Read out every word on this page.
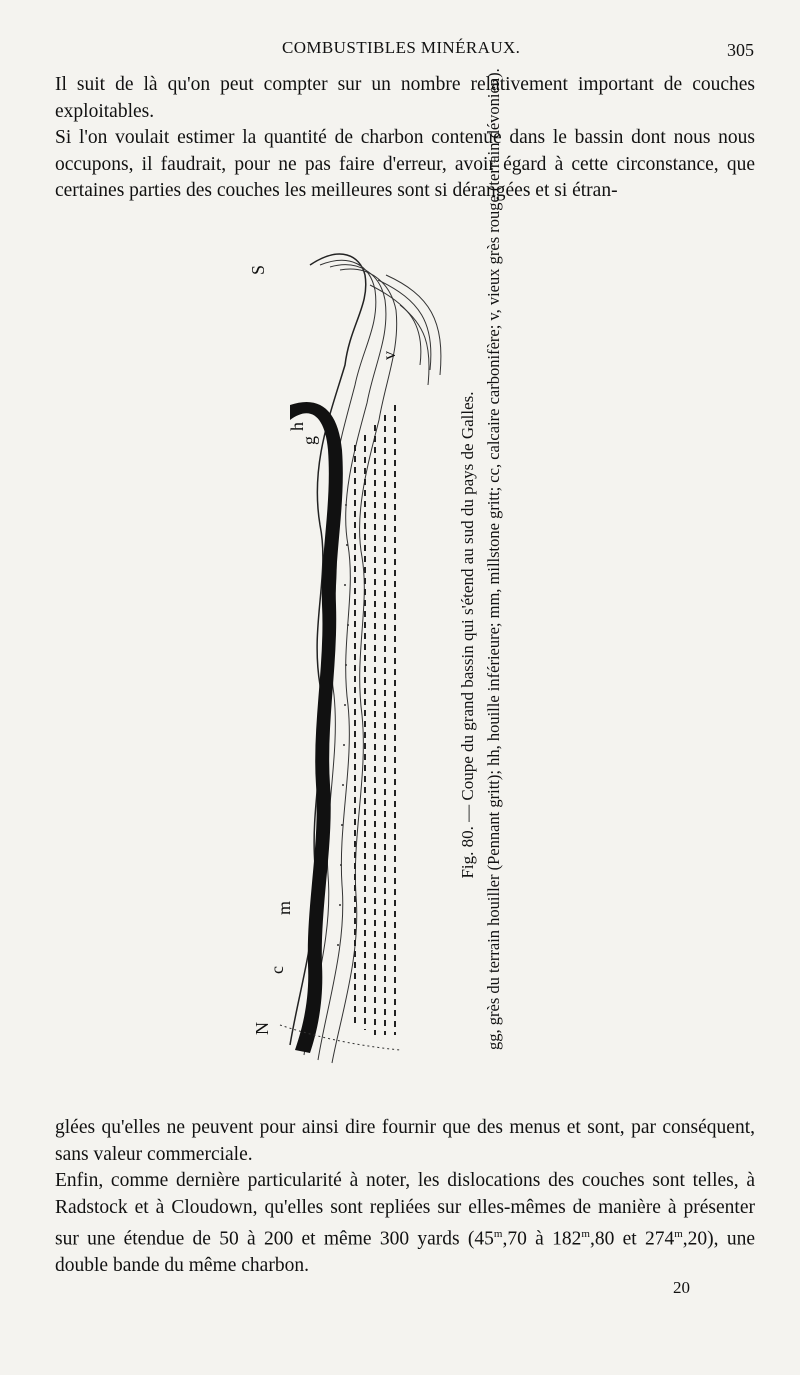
COMBUSTIBLES MINÉRAUX.	305

Il suit de là qu'on peut compter sur un nombre relativement important de couches exploitables.

Si l'on voulait estimer la quantité de charbon contenue dans le bassin dont nous nous occupons, il faudrait, pour ne pas faire d'erreur, avoir égard à cette circonstance, que certaines parties des couches les meilleures sont si dérangées et si étran-

S
g
h
v
m
c
N
Fig. 80. — Coupe du grand bassin qui s'étend au sud du pays de Galles. gg, grès du terrain houiller (Pennant gritt); hh, houille inférieure; mm, millstone gritt; cc, calcaire carbonifère; v, vieux grès rouge (terrain dévonien).

glées qu'elles ne peuvent pour ainsi dire fournir que des menus et sont, par conséquent, sans valeur commerciale.

Enfin, comme dernière particularité à noter, les dislocations des couches sont telles, à Radstock et à Cloudown, qu'elles sont repliées sur elles-mêmes de manière à présenter sur une étendue de 50 à 200 et même 300 yards (45$^m$,70 à 182$^m$,80 et 274$^m$,20), une double bande du même charbon.

20
